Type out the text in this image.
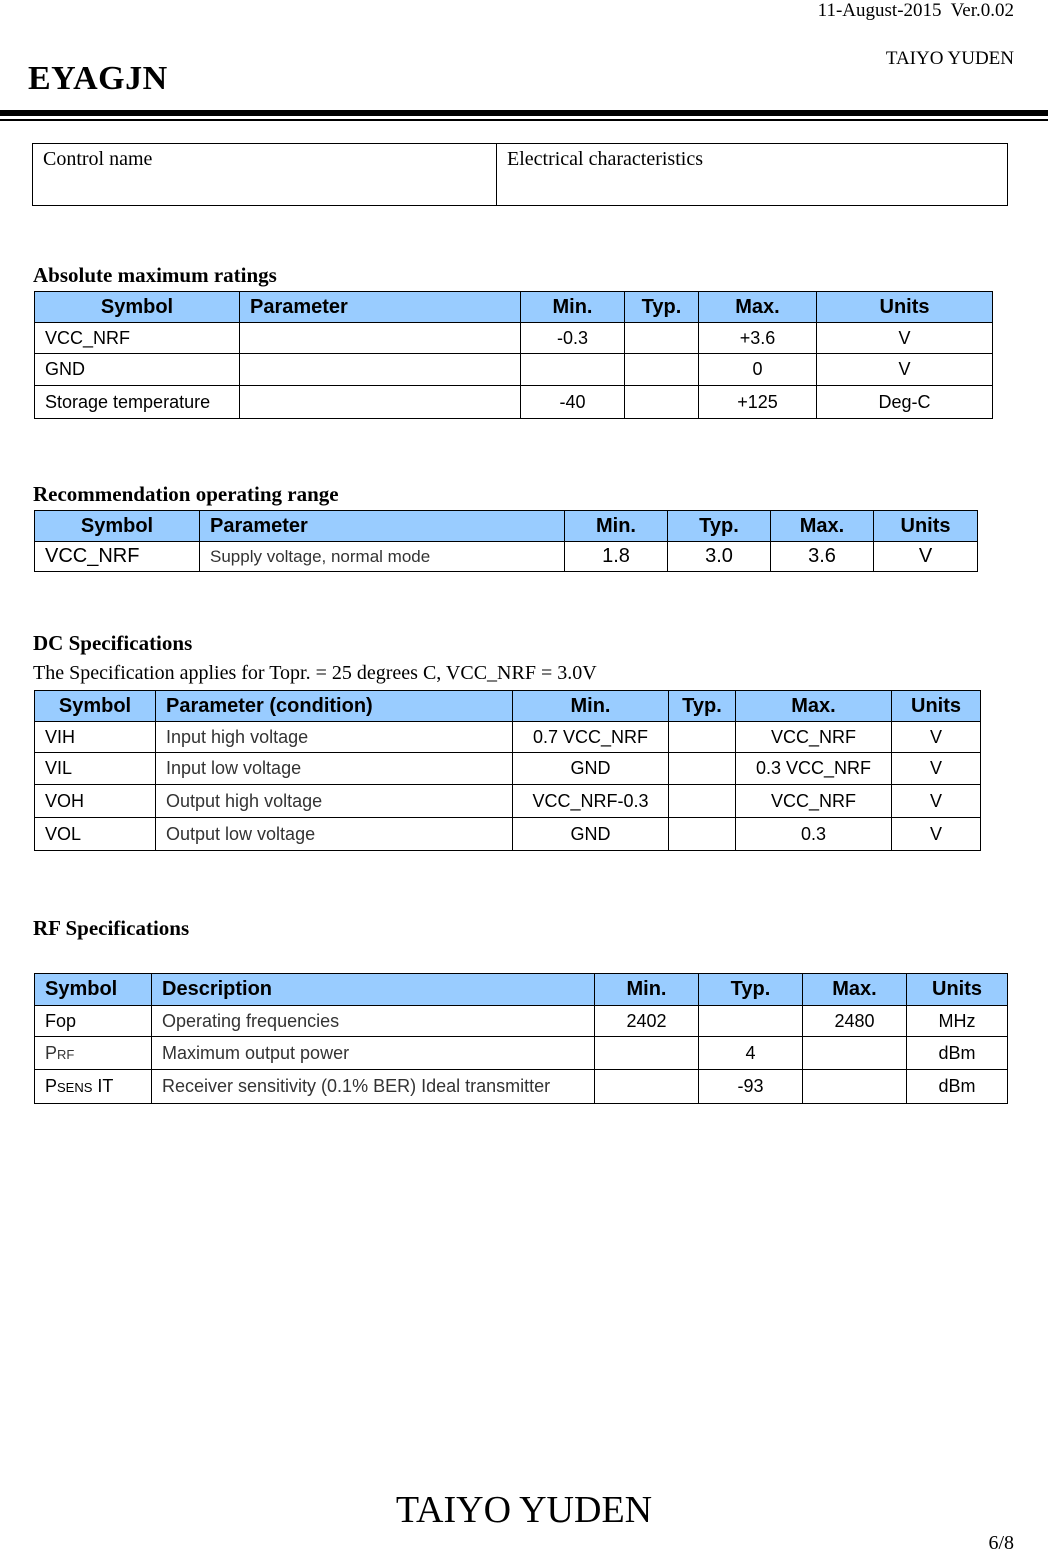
11-August-2015  Ver.0.02
TAIYO YUDEN
EYAGJN
Control name	Electrical characteristics
Absolute maximum ratings
Symbol	Parameter	Min.	Typ.	Max.	Units
VCC_NRF		-0.3		+3.6	V
GND				0	V
Storage temperature		-40		+125	Deg-C
Recommendation operating range
Symbol	Parameter	Min.	Typ.	Max.	Units
VCC_NRF	Supply voltage, normal mode	1.8	3.0	3.6	V
DC Specifications
The Specification applies for Topr. = 25 degrees C, VCC_NRF = 3.0V
Symbol	Parameter (condition)	Min.	Typ.	Max.	Units
VIH	Input high voltage	0.7 VCC_NRF		VCC_NRF	V
VIL	Input low voltage	GND		0.3 VCC_NRF	V
VOH	Output high voltage	VCC_NRF-0.3		VCC_NRF	V
VOL	Output low voltage	GND		0.3	V
RF Specifications
Symbol	Description	Min.	Typ.	Max.	Units
Fop	Operating frequencies	2402		2480	MHz
PRF	Maximum output power		4		dBm
PSENS IT	Receiver sensitivity (0.1% BER) Ideal transmitter		-93		dBm
TAIYO YUDEN
6/8
